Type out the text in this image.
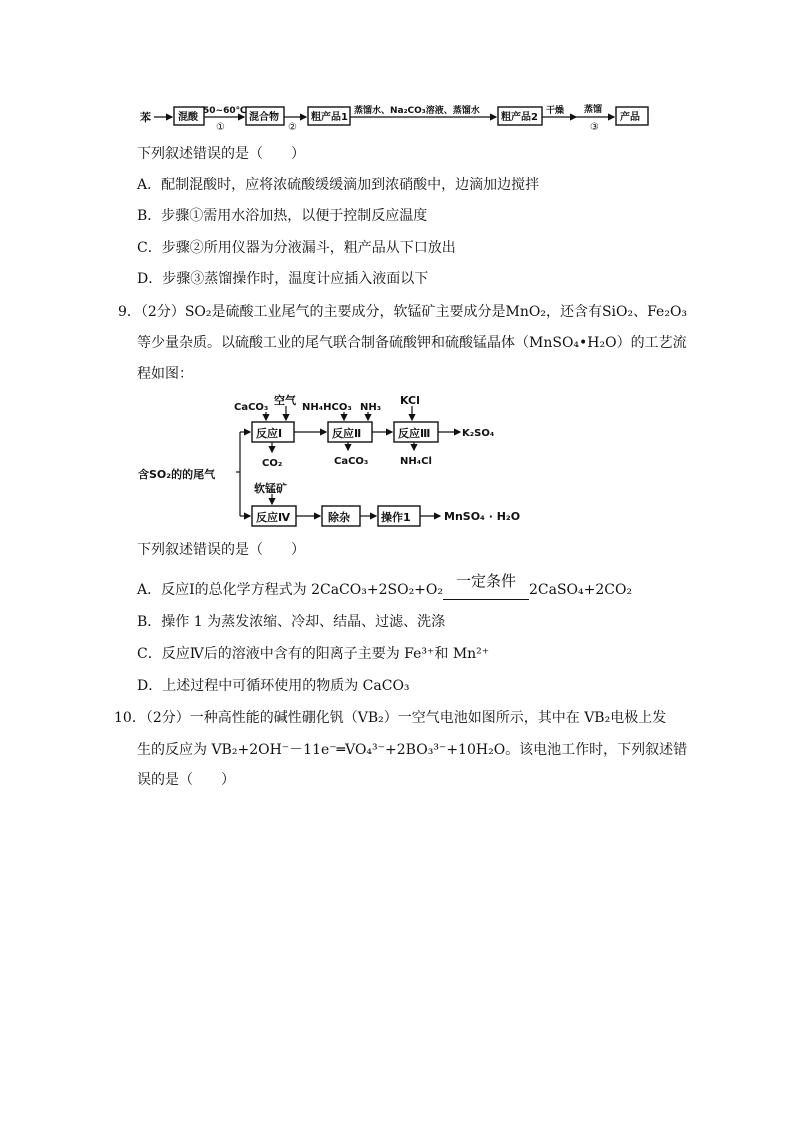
苯	混酸
50~60℃
①
混合物
②
粗产品1
蒸馏水、Na₂CO₃溶液、蒸馏水
粗产品2
干燥 蒸馏
③
产品
下列叙述错误的是（　　）
A．配制混酸时，应将浓硫酸缓缓滴加到浓硝酸中，边滴加边搅拌
B．步骤①需用水浴加热，以便于控制反应温度
C．步骤②所用仪器为分液漏斗，粗产品从下口放出
D．步骤③蒸馏操作时，温度计应插入液面以下
9．（2分）SO₂是硫酸工业尾气的主要成分，软锰矿主要成分是MnO₂，还含有SiO₂、Fe₂O₃
等少量杂质。以硫酸工业的尾气联合制备硫酸钾和硫酸锰晶体（MnSO₄•H₂O）的工艺流
程如图：
含SO₂的的尾气
CaCO₃
空气
反应Ⅰ
CO₂
NH₄HCO₃ NH₃
反应Ⅱ
CaCO₃
KCl
反应Ⅲ	K₂SO₄
NH₄Cl
软锰矿
反应Ⅳ	除杂	操作1	MnSO₄ · H₂O
下列叙述错误的是（　　）
A．反应Ⅰ的总化学方程式为 2CaCO₃+2SO₂+O₂ 一定条件 2CaSO₄+2CO₂
B．操作 1 为蒸发浓缩、冷却、结晶、过滤、洗涤
C．反应Ⅳ后的溶液中含有的阳离子主要为 Fe³⁺和 Mn²⁺
D．上述过程中可循环使用的物质为 CaCO₃
10．（2分）一种高性能的碱性硼化钒（VB₂）一空气电池如图所示，其中在 VB₂电极上发
生的反应为 VB₂+2OH⁻－11e⁻═VO₄³⁻+2BO₃³⁻+10H₂O。该电池工作时，下列叙述错
误的是（　　）
